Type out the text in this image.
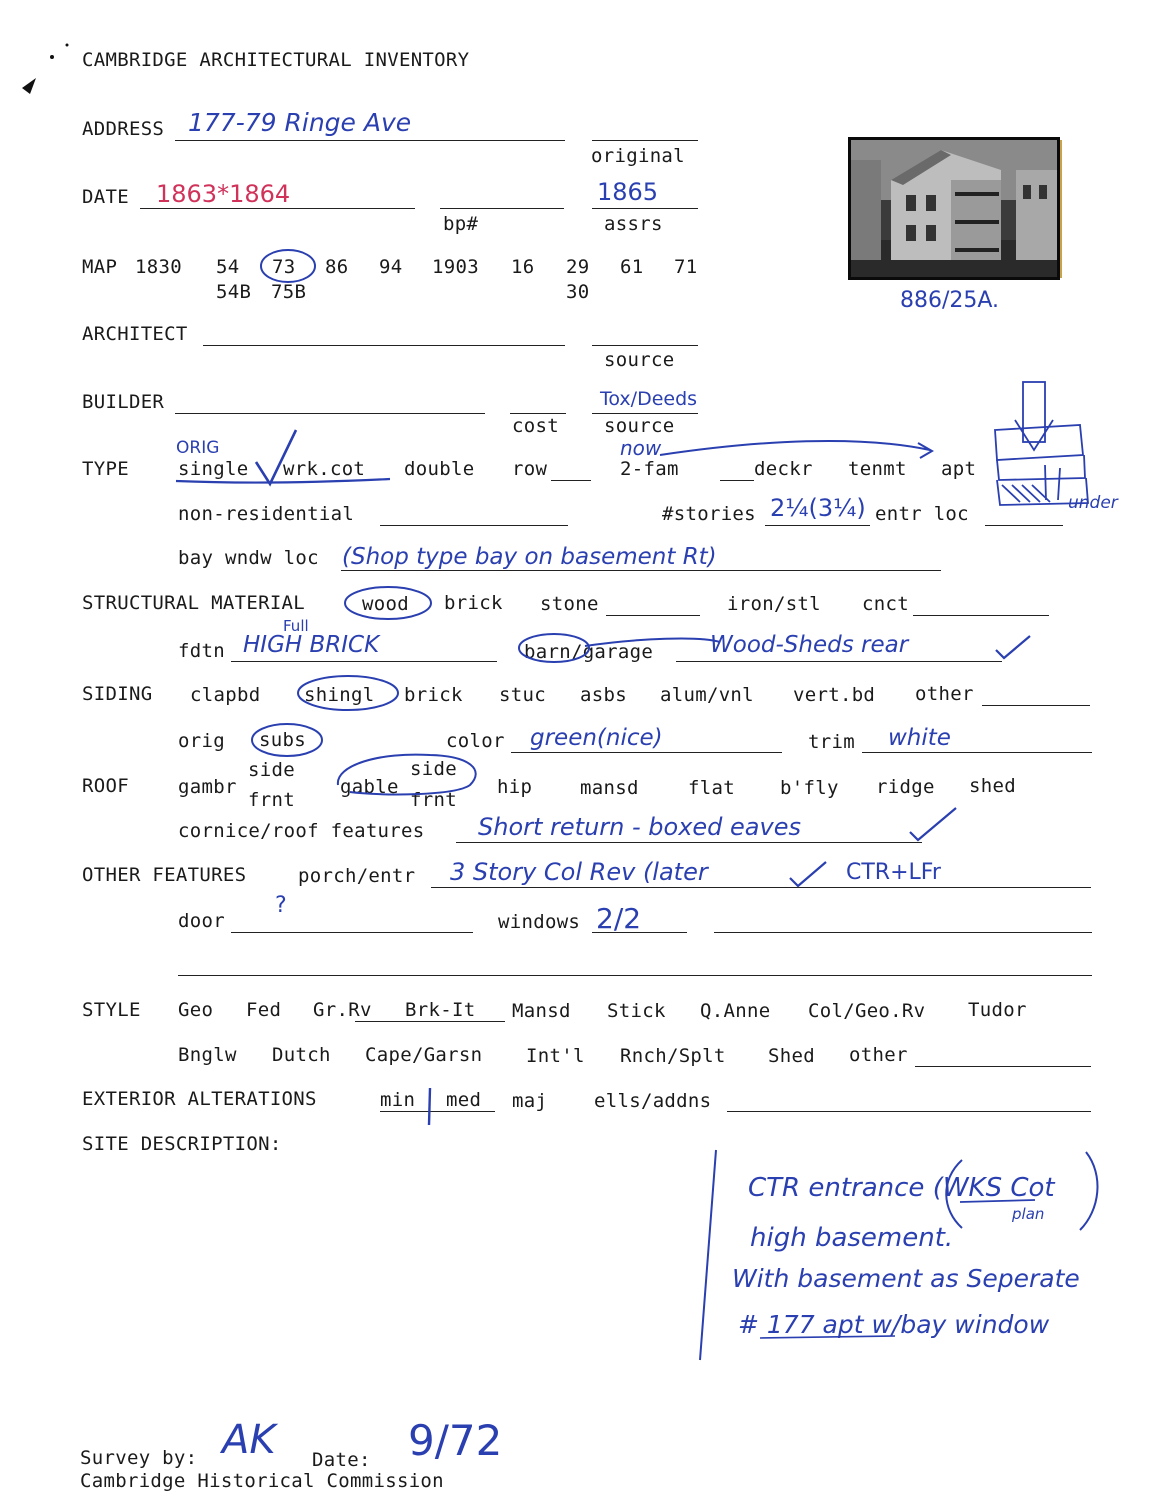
CAMBRIDGE ARCHITECTURAL INVENTORY
ADDRESS 177-79 Ringe Ave
original
DATE 1863*1864
bp#
1865
assrs
MAP 1830 54 73 86 94 1903 16 29 61 71
54B 75B	30	886/25A.
ARCHITECT
source
BUILDER
cost
Tox/Deeds
source
ORIG	now
TYPE	single wrk.cot double row	2-fam	deckr tenmt apt
non-residential	#stories 2¼(3¼) entr loc	under
bay wndw loc (Shop type bay on basement Rt)
STRUCTURAL MATERIAL	wood brick stone	iron/stl cnct
Full
fdtn HIGH BRICK	barn/garage Wood-Sheds rear
SIDING clapbd shingl brick stuc asbs alum/vnl vert.bd other
orig subs	color green(nice)	trim white
side	side
ROOF	gambr	gable	hip	mansd	flat b'fly ridge shed
frnt	frnt
cornice/roof features Short return - boxed eaves
OTHER FEATURES	porch/entr 3 Story Col Rev (later	CTR+LFr
door
?
windows 2/2
STYLE Geo Fed Gr.Rv Brk-It Mansd Stick Q.Anne Col/Geo.Rv Tudor
Bnglw Dutch Cape/Garsn Int'l Rnch/Splt Shed other
EXTERIOR ALTERATIONS	min med maj ells/addns
SITE DESCRIPTION:
CTR entrance (WKS Cot
plan
high basement.
With basement as Seperate
# 177 apt w/bay window
Survey by: AK Date: 9/72
Cambridge Historical Commission
